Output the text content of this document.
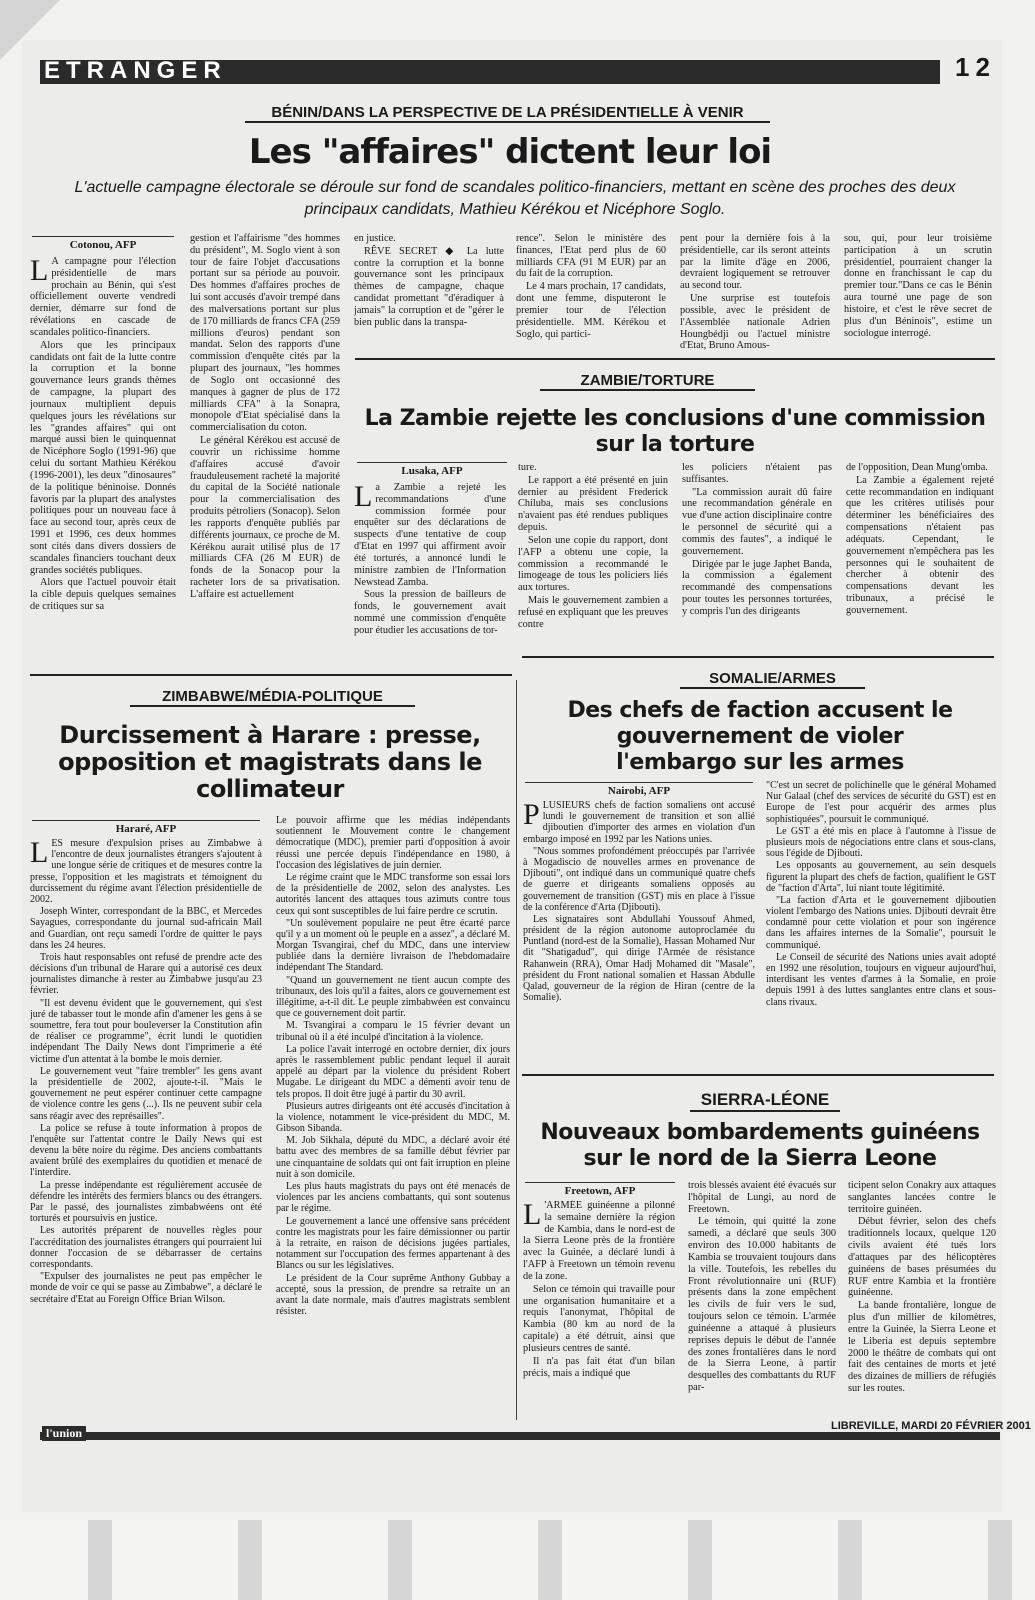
ETRANGER	12
BÉNIN/DANS LA PERSPECTIVE DE LA PRÉSIDENTIELLE À VENIR
Les "affaires" dictent leur loi
L'actuelle campagne électorale se déroule sur fond de scandales politico-financiers, mettant en scène des proches des deux principaux candidats, Mathieu Kérékou et Nicéphore Soglo.
Cotonou, AFP

L A campagne pour l'élection présidentielle de mars prochain au Bénin, qui s'est officiellement ouverte vendredi dernier, démarre sur fond de révélations en cascade de scandales politico-financiers.

Alors que les principaux candidats ont fait de la lutte contre la corruption et la bonne gouvernance leurs grands thèmes de campagne, la plupart des journaux multiplient depuis quelques jours les révélations sur les "grandes affaires" qui ont marqué aussi bien le quinquennat de Nicéphore Soglo (1991-96) que celui du sortant Mathieu Kérékou (1996-2001), les deux "dinosaures" de la politique béninoise. Donnés favoris par la plupart des analystes politiques pour un nouveau face à face au second tour, après ceux de 1991 et 1996, ces deux hommes sont cités dans divers dossiers de scandales financiers touchant deux grandes sociétés publiques.

Alors que l'actuel pouvoir était la cible depuis quelques semaines de critiques sur sa

gestion et l'affairisme "des hommes du président", M. Soglo vient à son tour de faire l'objet d'accusations portant sur sa période au pouvoir. Des hommes d'affaires proches de lui sont accusés d'avoir trempé dans des malversations portant sur plus de 170 milliards de francs CFA (259 millions d'euros) pendant son mandat. Selon des rapports d'une commission d'enquête cités par la plupart des journaux, "les hommes de Soglo ont occasionné des manques à gagner de plus de 172 milliards CFA" à la Sonapra, monopole d'Etat spécialisé dans la commercialisation du coton.

Le général Kérékou est accusé de couvrir un richissime homme d'affaires accusé d'avoir frauduleusement racheté la majorité du capital de la Société nationale pour la commercialisation des produits pétroliers (Sonacop). Selon les rapports d'enquête publiés par différents journaux, ce proche de M. Kérékou aurait utilisé plus de 17 milliards CFA (26 M EUR) de fonds de la Sonacop pour la racheter lors de sa privatisation. L'affaire est actuellement

en justice.

RÊVE SECRET ◆ La lutte contre la corruption et la bonne gouvernance sont les principaux thèmes de campagne, chaque candidat promettant "d'éradiquer à jamais" la corruption et de "gérer le bien public dans la transpa-

rence". Selon le ministère des finances, l'Etat perd plus de 60 milliards CFA (91 M EUR) par an du fait de la corruption.

Le 4 mars prochain, 17 candidats, dont une femme, disputeront le premier tour de l'élection présidentielle. MM. Kérékou et Soglo, qui partici-

pent pour la dernière fois à la présidentielle, car ils seront atteints par la limite d'âge en 2006, devraient logiquement se retrouver au second tour.

Une surprise est toutefois possible, avec le président de l'Assemblée nationale Adrien Houngbédji ou l'actuel ministre d'Etat, Bruno Amous-

sou, qui, pour leur troisième participation à un scrutin présidentiel, pourraient changer la donne en franchissant le cap du premier tour."Dans ce cas le Bénin aura tourné une page de son histoire, et c'est le rêve secret de plus d'un Béninois", estime un sociologue interrogé.

ZAMBIE/TORTURE
La Zambie rejette les conclusions d'une commission sur la torture
Lusaka, AFP

La Zambie a rejeté les recommandations d'une commission formée pour enquêter sur des déclarations de suspects d'une tentative de coup d'Etat en 1997 qui affirment avoir été torturés, a annoncé lundi le ministre zambien de l'Information Newstead Zamba.

Sous la pression de bailleurs de fonds, le gouvernement avait nommé une commission d'enquête pour étudier les accusations de tor-

ture.

Le rapport a été présenté en juin dernier au président Frederick Chiluba, mais ses conclusions n'avaient pas été rendues publiques depuis.

Selon une copie du rapport, dont l'AFP a obtenu une copie, la commission a recommandé le limogeage de tous les policiers liés aux tortures.

Mais le gouvernement zambien a refusé en expliquant que les preuves contre

les policiers n'étaient pas suffisantes.

"La commission aurait dû faire une recommandation générale en vue d'une action disciplinaire contre le personnel de sécurité qui a commis des fautes", a indiqué le gouvernement.

Dirigée par le juge Japhet Banda, la commission a également recommandé des compensations pour toutes les personnes torturées, y compris l'un des dirigeants

de l'opposition, Dean Mung'omba.

La Zambie a également rejeté cette recommandation en indiquant que les critères utilisés pour déterminer les bénéficiaires des compensations n'étaient pas adéquats. Cependant, le gouvernement n'empêchera pas les personnes qui le souhaitent de chercher à obtenir des compensations devant les tribunaux, a précisé le gouvernement.

ZIMBABWE/MÉDIA-POLITIQUE
Durcissement à Harare : presse, opposition et magistrats dans le collimateur
Hararé, AFP

LES mesure d'expulsion prises au Zimbabwe à l'encontre de deux journalistes étrangers s'ajoutent à une longue série de critiques et de mesures contre la presse, l'opposition et les magistrats et témoignent du durcissement du régime avant l'élection présidentielle de 2002.

Joseph Winter, correspondant de la BBC, et Mercedes Sayagues, correspondante du journal sud-africain Mail and Guardian, ont reçu samedi l'ordre de quitter le pays dans les 24 heures.

Trois haut responsables ont refusé de prendre acte des décisions d'un tribunal de Harare qui a autorisé ces deux journalistes dimanche à rester au Zimbabwe jusqu'au 23 février.

"Il est devenu évident que le gouvernement, qui s'est juré de tabasser tout le monde afin d'amener les gens à se soumettre, fera tout pour bouleverser la Constitution afin de réaliser ce programme", écrit lundi le quotidien indépendant The Daily News dont l'imprimerie a été victime d'un attentat à la bombe le mois dernier.

Le gouvernement veut "faire trembler" les gens avant la présidentielle de 2002, ajoute-t-il. "Mais le gouvernement ne peut espérer continuer cette campagne de violence contre les gens (...). Ils ne peuvent subir cela sans réagir avec des représailles".

La police se refuse à toute information à propos de l'enquête sur l'attentat contre le Daily News qui est devenu la bête noire du régime. Des anciens combattants avaient brûlé des exemplaires du quotidien et menacé de l'interdire.

La presse indépendante est régulièrement accusée de défendre les intérêts des fermiers blancs ou des étrangers. Par le passé, des journalistes zimbabwéens ont été torturés et poursuivis en justice.

Les autorités préparent de nouvelles règles pour l'accréditation des journalistes étrangers qui pourraient lui donner l'occasion de se débarrasser de certains correspondants.

"Expulser des journalistes ne peut pas empêcher le monde de voir ce qui se passe au Zimbabwe", a déclaré le secrétaire d'Etat au Foreign Office Brian Wilson.

Le pouvoir affirme que les médias indépendants soutiennent le Mouvement contre le changement démocratique (MDC), premier parti d'opposition à avoir réussi une percée depuis l'indépendance en 1980, à l'occasion des législatives de juin dernier.

Le régime craint que le MDC transforme son essai lors de la présidentielle de 2002, selon des analystes. Les autorités lancent des attaques tous azimuts contre tous ceux qui sont susceptibles de lui faire perdre ce scrutin.

"Un soulèvement populaire ne peut être écarté parce qu'il y a un moment où le peuple en a assez", a déclaré M. Morgan Tsvangirai, chef du MDC, dans une interview publiée dans la dernière livraison de l'hebdomadaire indépendant The Standard.

"Quand un gouvernement ne tient aucun compte des tribunaux, des lois qu'il a faites, alors ce gouvernement est illégitime, a-t-il dit. Le peuple zimbabwéen est convaincu que ce gouvernement doit partir.

M. Tsvangirai a comparu le 15 février devant un tribunal où il a été inculpé d'incitation à la violence.

La police l'avait interrogé en octobre dernier, dix jours après le rassemblement public pendant lequel il aurait appelé au départ par la violence du président Robert Mugabe. Le dirigeant du MDC a démenti avoir tenu de tels propos. Il doit être jugé à partir du 30 avril.

Plusieurs autres dirigeants ont été accusés d'incitation à la violence, notamment le vice-président du MDC, M. Gibson Sibanda.

M. Job Sikhala, député du MDC, a déclaré avoir été battu avec des membres de sa famille début février par une cinquantaine de soldats qui ont fait irruption en pleine nuit à son domicile.

Les plus hauts magistrats du pays ont été menacés de violences par les anciens combattants, qui sont soutenus par le régime.

Le gouvernement a lancé une offensive sans précédent contre les magistrats pour les faire démissionner ou partir à la retraite, en raison de décisions jugées partiales, notamment sur l'occupation des fermes appartenant à des Blancs ou sur les législatives.

Le président de la Cour suprême Anthony Gubbay a accepté, sous la pression, de prendre sa retraite un an avant la date normale, mais d'autres magistrats semblent résister.

SOMALIE/ARMES
Des chefs de faction accusent le gouvernement de violer l'embargo sur les armes
Nairobi, AFP

PLUSIEURS chefs de faction somaliens ont accusé lundi le gouvernement de transition et son allié djiboutien d'importer des armes en violation d'un embargo imposé en 1992 par les Nations unies.

"Nous sommes profondément préoccupés par l'arrivée à Mogadiscio de nouvelles armes en provenance de Djibouti", ont indiqué dans un communiqué quatre chefs de guerre et dirigeants somaliens opposés au gouvernement de transition (GST) mis en place à l'issue de la conférence d'Arta (Djibouti).

Les signataires sont Abdullahi Youssouf Ahmed, président de la région autonome autoproclamée du Puntland (nord-est de la Somalie), Hassan Mohamed Nur dit "Shatigadud", qui dirige l'Armée de résistance Rahanwein (RRA), Omar Hadj Mohamed dit "Masale", président du Front national somalien et Hassan Abdulle Qalad, gouverneur de la région de Hiran (centre de la Somalie).

"C'est un secret de polichinelle que le général Mohamed Nur Galaal (chef des services de sécurité du GST) est en Europe de l'est pour acquérir des armes plus sophistiquées", poursuit le communiqué.

Le GST a été mis en place à l'automne à l'issue de plusieurs mois de négociations entre clans et sous-clans, sous l'égide de Djibouti.

Les opposants au gouvernement, au sein desquels figurent la plupart des chefs de faction, qualifient le GST de "faction d'Arta", lui niant toute légitimité.

"La faction d'Arta et le gouvernement djiboutien violent l'embargo des Nations unies. Djibouti devrait être condamné pour cette violation et pour son ingérence dans les affaires internes de la Somalie", poursuit le communiqué.

Le Conseil de sécurité des Nations unies avait adopté en 1992 une résolution, toujours en vigueur aujourd'hui, interdisant les ventes d'armes à la Somalie, en proie depuis 1991 à des luttes sanglantes entre clans et sous-clans rivaux.

SIERRA-LÉONE
Nouveaux bombardements guinéens sur le nord de la Sierra Leone
Freetown, AFP

L 'ARMÉE guinéenne a pilonné la semaine dernière la région de Kambia, dans le nord-est de la Sierra Leone près de la frontière avec la Guinée, a déclaré lundi à l'AFP à Freetown un témoin revenu de la zone.

Selon ce témoin qui travaille pour une organisation humanitaire et a requis l'anonymat, l'hôpital de Kambia (80 km au nord de la capitale) a été détruit, ainsi que plusieurs centres de santé.

Il n'a pas fait état d'un bilan précis, mais a indiqué que

trois blessés avaient été évacués sur l'hôpital de Lungi, au nord de Freetown.

Le témoin, qui quitté la zone samedi, a déclaré que seuls 300 environ des 10.000 habitants de Kambia se trouvaient toujours dans la ville. Toutefois, les rebelles du Front révolutionnaire uni (RUF) présents dans la zone empêchent les civils de fuir vers le sud, toujours selon ce témoin. L'armée guinéenne a attaqué à plusieurs reprises depuis le début de l'année des zones frontalières dans le nord de la Sierra Leone, à partir desquelles des combattants du RUF par-

ticipent selon Conakry aux attaques sanglantes lancées contre le territoire guinéen.

Début février, selon des chefs traditionnels locaux, quelque 120 civils avaient été tués lors d'attaques par des hélicoptères guinéens de bases présumées du RUF entre Kambia et la frontière guinéenne.

La bande frontalière, longue de plus d'un millier de kilomètres, entre la Guinée, la Sierra Leone et le Liberia est depuis septembre 2000 le théâtre de combats qui ont fait des centaines de morts et jeté des dizaines de milliers de réfugiés sur les routes.

l'union	LIBREVILLE, MARDI 20 FÉVRIER 2001
